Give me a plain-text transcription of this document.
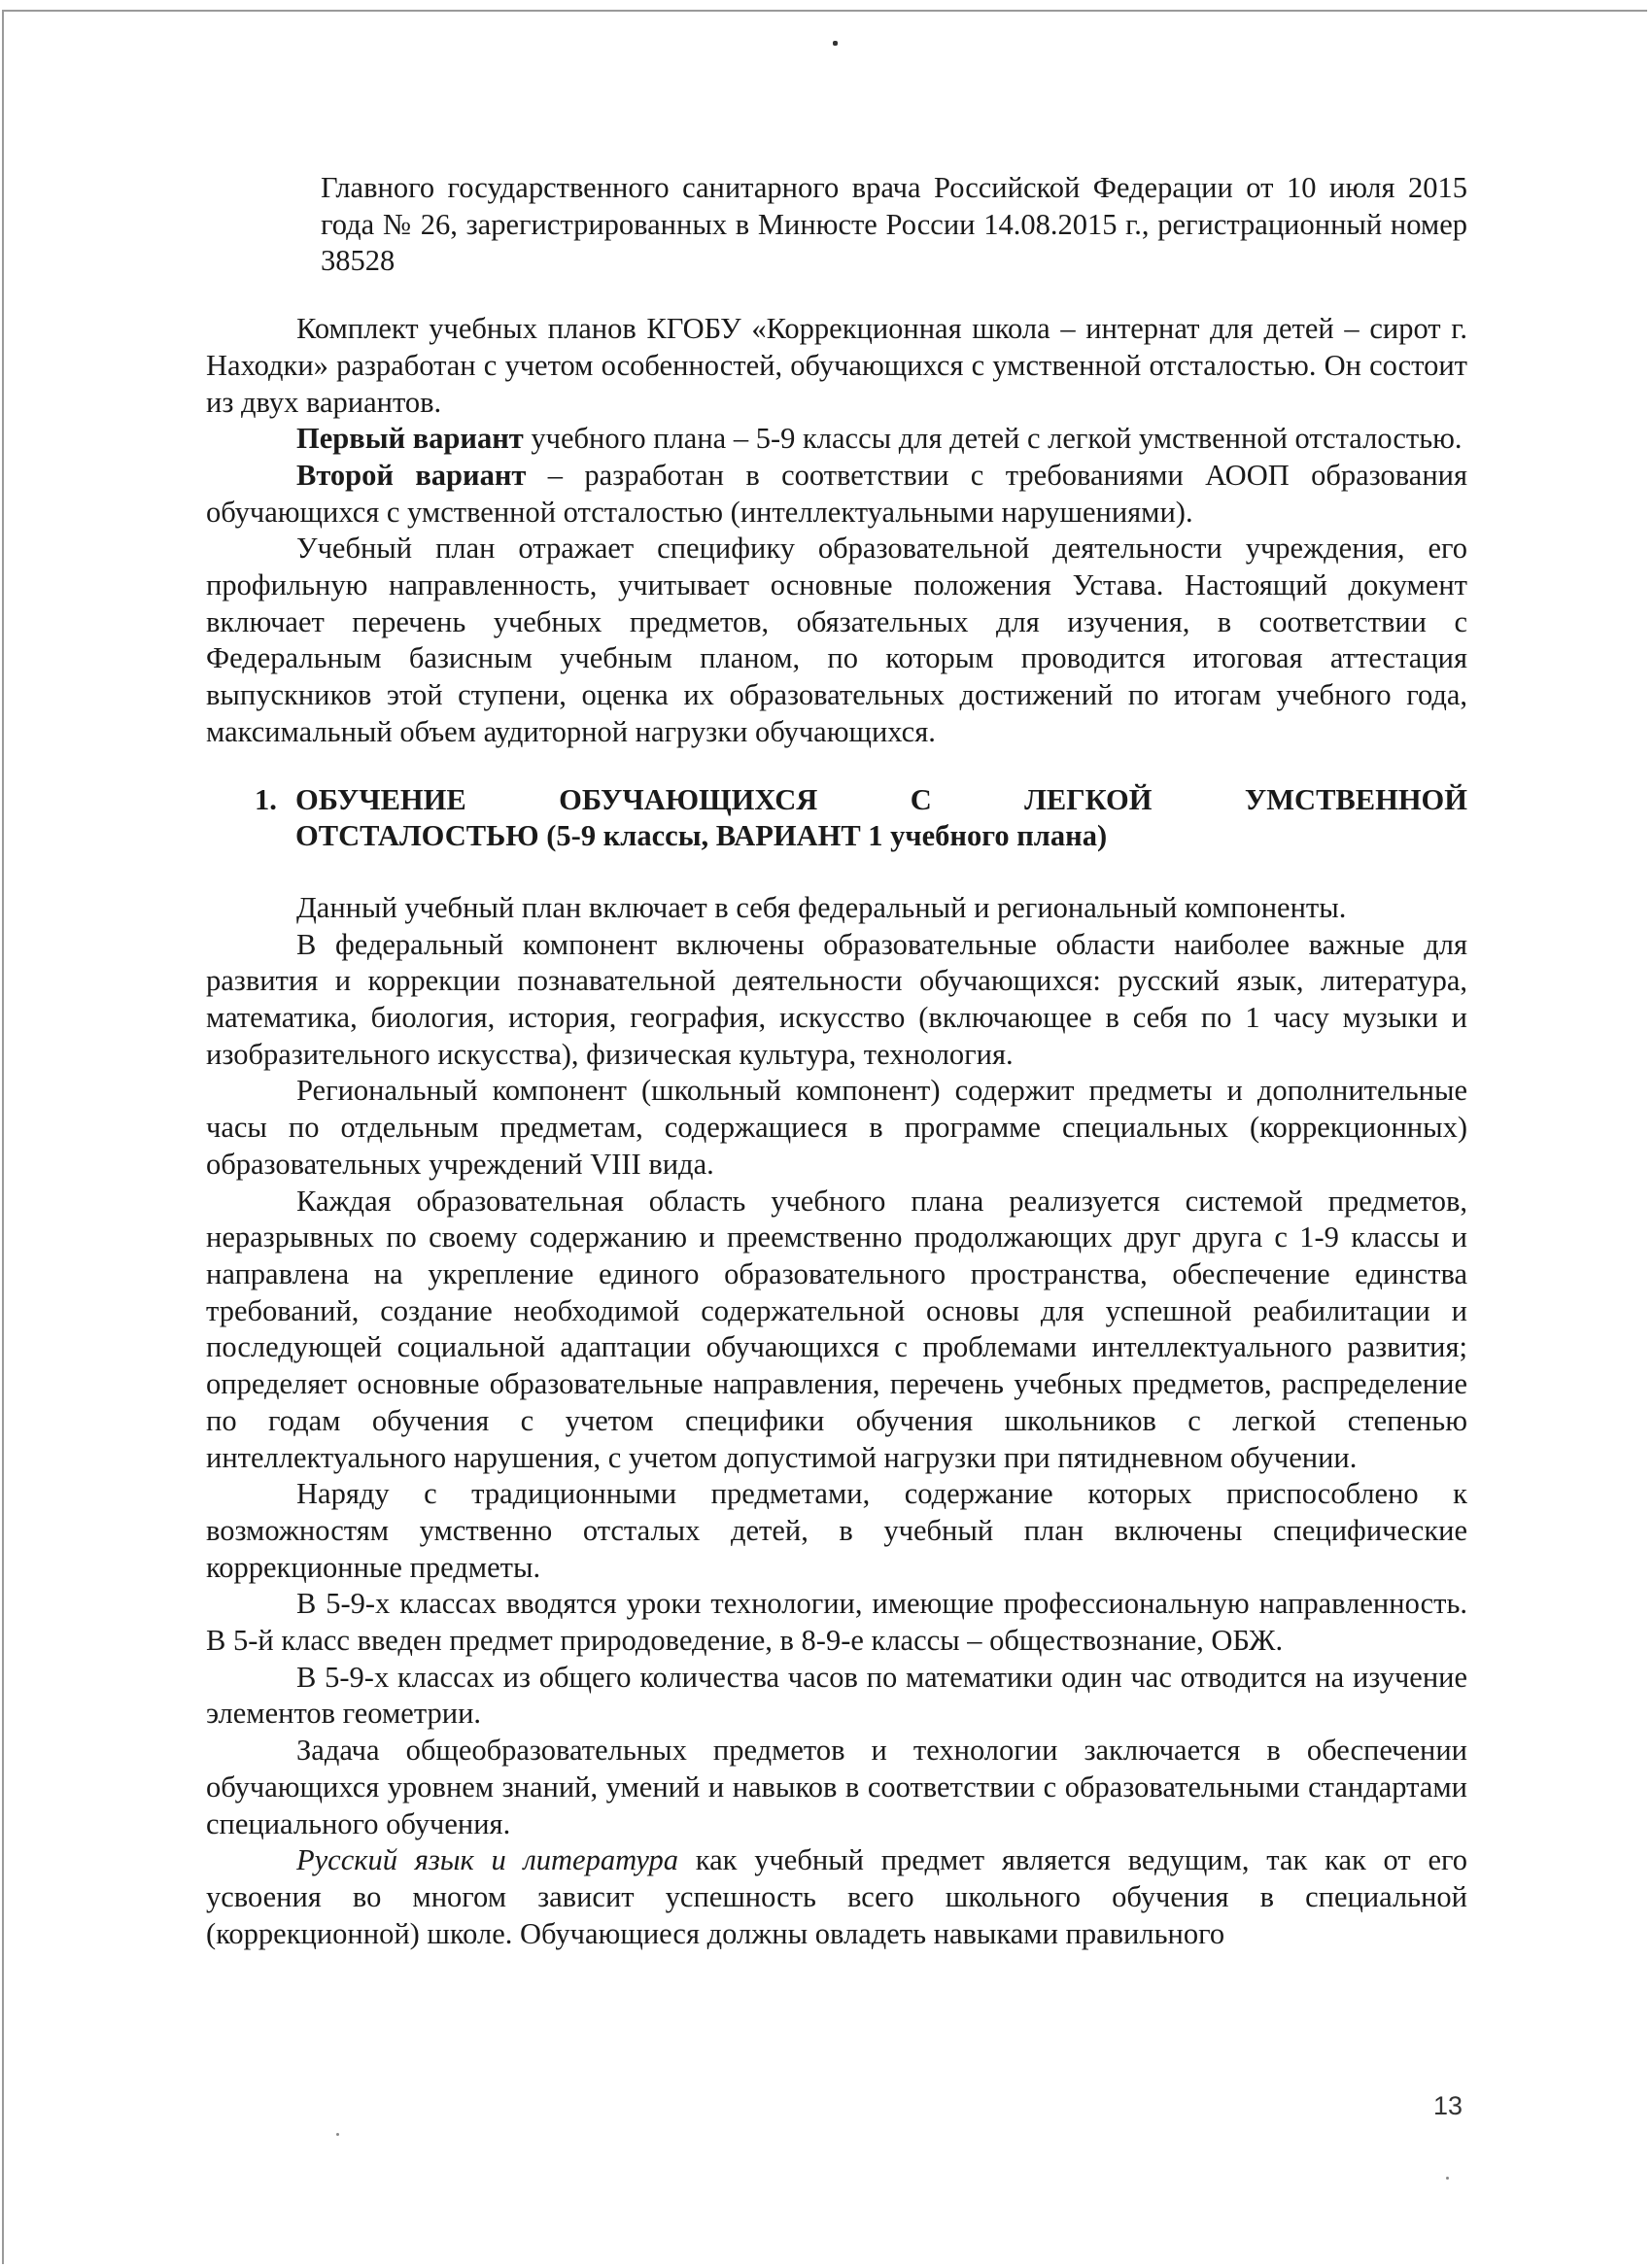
Главного государственного санитарного врача Российской Федерации от 10 июля 2015 года № 26, зарегистрированных в Минюсте России 14.08.2015 г., регистрационный номер 38528

Комплект учебных планов КГОБУ «Коррекционная школа – интернат для детей – сирот г. Находки» разработан с учетом особенностей, обучающихся с умственной отсталостью. Он состоит из двух вариантов.

Первый вариант учебного плана – 5-9 классы для детей с легкой умственной отсталостью.

Второй вариант – разработан в соответствии с требованиями АООП образования обучающихся с умственной отсталостью (интеллектуальными нарушениями).

Учебный план отражает специфику образовательной деятельности учреждения, его профильную направленность, учитывает основные положения Устава. Настоящий документ включает перечень учебных предметов, обязательных для изучения, в соответствии с Федеральным базисным учебным планом, по которым проводится итоговая аттестация выпускников этой ступени, оценка их образовательных достижений по итогам учебного года, максимальный объем аудиторной нагрузки обучающихся.

1. ОБУЧЕНИЕ	ОБУЧАЮЩИХСЯ	С	ЛЕГКОЙ	УМСТВЕННОЙ
ОТСТАЛОСТЬЮ (5-9 классы, ВАРИАНТ 1 учебного плана)

Данный учебный план включает в себя федеральный и региональный компоненты.

В федеральный компонент включены образовательные области наиболее важные для развития и коррекции познавательной деятельности обучающихся: русский язык, литература, математика, биология, история, география, искусство (включающее в себя по 1 часу музыки и изобразительного искусства), физическая культура, технология.

Региональный компонент (школьный компонент) содержит предметы и дополнительные часы по отдельным предметам, содержащиеся в программе специальных (коррекционных) образовательных учреждений VIII вида.

Каждая образовательная область учебного плана реализуется системой предметов, неразрывных по своему содержанию и преемственно продолжающих друг друга с 1-9 классы и направлена на укрепление единого образовательного пространства, обеспечение единства требований, создание необходимой содержательной основы для успешной реабилитации и последующей социальной адаптации обучающихся с проблемами интеллектуального развития; определяет основные образовательные направления, перечень учебных предметов, распределение по годам обучения с учетом специфики обучения школьников с легкой степенью интеллектуального нарушения, с учетом допустимой нагрузки при пятидневном обучении.

Наряду с традиционными предметами, содержание которых приспособлено к возможностям умственно отсталых детей, в учебный план включены специфические коррекционные предметы.

В 5-9-х классах вводятся уроки технологии, имеющие профессиональную направленность. В 5-й класс введен предмет природоведение, в 8-9-е классы – обществознание, ОБЖ.

В 5-9-х классах из общего количества часов по математики один час отводится на изучение элементов геометрии.

Задача общеобразовательных предметов и технологии заключается в обеспечении обучающихся уровнем знаний, умений и навыков в соответствии с образовательными стандартами специального обучения.

Русский язык и литература как учебный предмет является ведущим, так как от его усвоения во многом зависит успешность всего школьного обучения в специальной (коррекционной) школе. Обучающиеся должны овладеть навыками правильного

13
